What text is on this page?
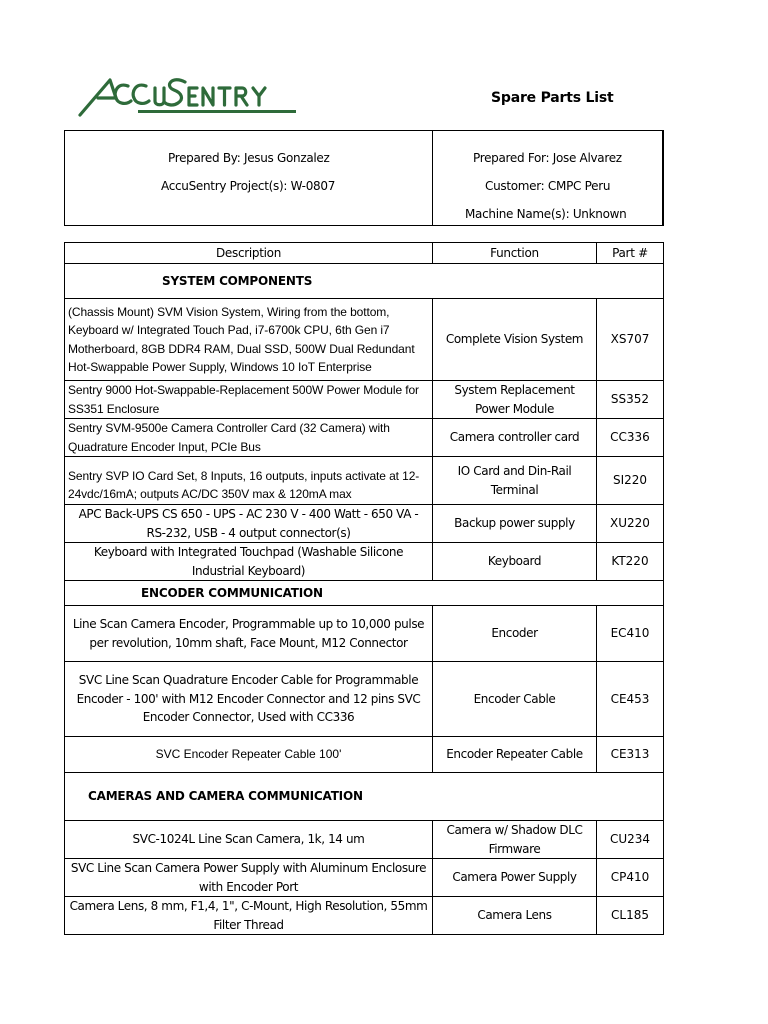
Spare Parts List
Prepared By: Jesus Gonzalez
AccuSentry Project(s): W-0807
Prepared For: Jose Alvarez
Customer: CMPC Peru
Machine Name(s): Unknown
Description	Function	Part #
SYSTEM COMPONENTS		
(Chassis Mount) SVM Vision System, Wiring from the bottom, Keyboard w/ Integrated Touch Pad, i7-6700k CPU, 6th Gen i7 Motherboard, 8GB DDR4 RAM, Dual SSD, 500W Dual Redundant Hot-Swappable Power Supply, Windows 10 IoT Enterprise	Complete Vision System	XS707
Sentry 9000 Hot-Swappable-Replacement 500W Power Module for SS351 Enclosure	System Replacement Power Module	SS352
Sentry SVM-9500e Camera Controller Card (32 Camera) with Quadrature Encoder Input, PCIe Bus	Camera controller card	CC336
Sentry SVP IO Card Set, 8 Inputs, 16 outputs, inputs activate at 12-24vdc/16mA; outputs AC/DC 350V max & 120mA max	IO Card and Din-Rail Terminal	SI220
APC Back-UPS CS 650 - UPS - AC 230 V - 400 Watt - 650 VA - RS-232, USB - 4 output connector(s)	Backup power supply	XU220
Keyboard with Integrated Touchpad (Washable Silicone Industrial Keyboard)	Keyboard	KT220
ENCODER COMMUNICATION		
Line Scan Camera Encoder, Programmable up to 10,000 pulse per revolution, 10mm shaft, Face Mount, M12 Connector	Encoder	EC410
SVC Line Scan Quadrature Encoder Cable for Programmable Encoder - 100' with M12 Encoder Connector and 12 pins SVC Encoder Connector, Used with CC336	Encoder Cable	CE453
SVC Encoder Repeater Cable 100'	Encoder Repeater Cable	CE313
CAMERAS AND CAMERA COMMUNICATION		
SVC-1024L Line Scan Camera, 1k, 14 um	Camera w/ Shadow DLC Firmware	CU234
SVC Line Scan Camera Power Supply with Aluminum Enclosure with Encoder Port	Camera Power Supply	CP410
Camera Lens, 8 mm, F1,4, 1", C-Mount, High Resolution, 55mm Filter Thread	Camera Lens	CL185
